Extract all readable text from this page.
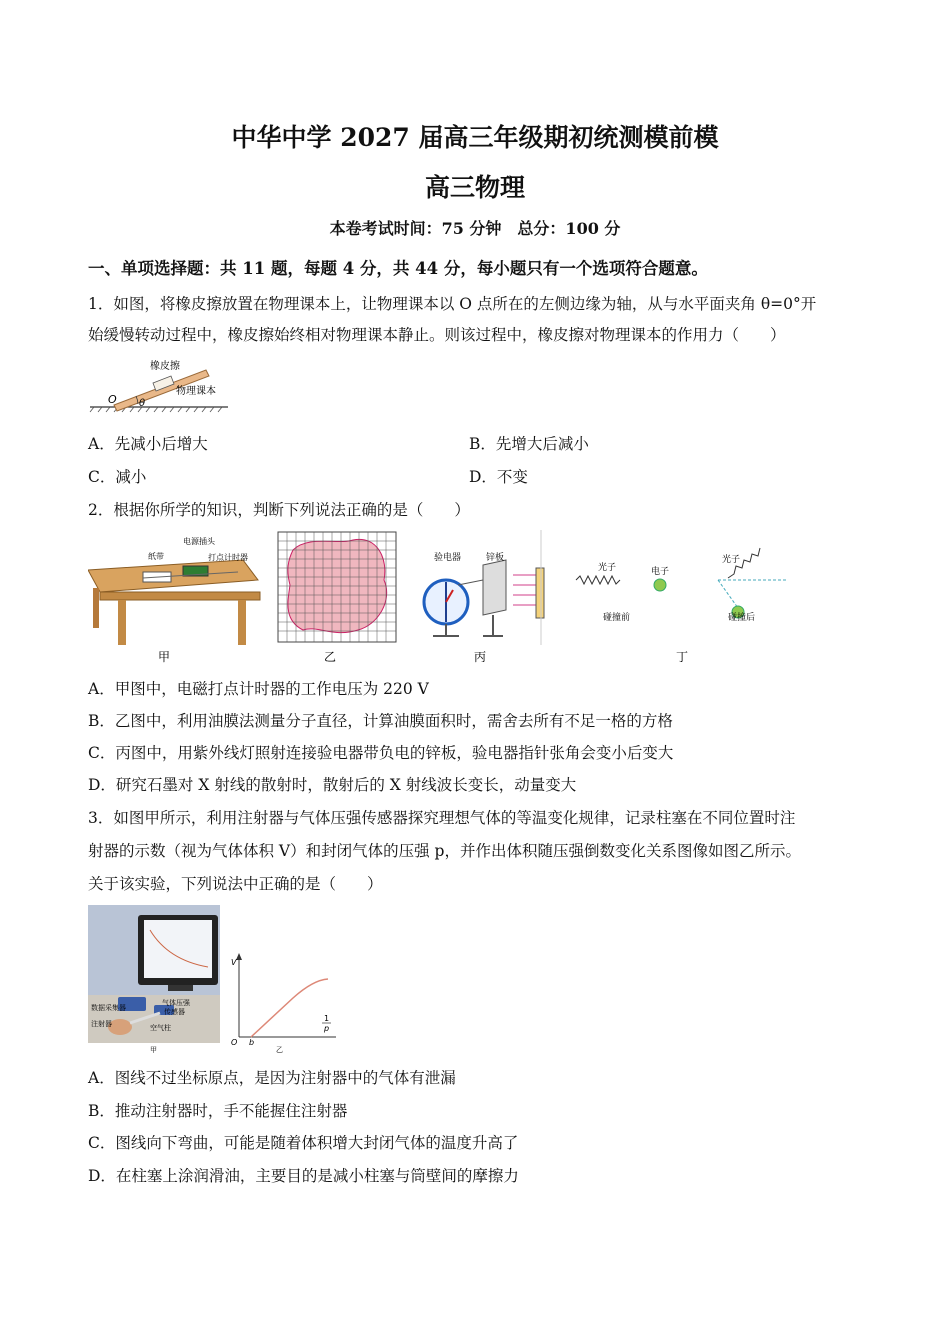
中华中学 2027 届高三年级期初统测模前模
高三物理
本卷考试时间：75 分钟　总分：100 分
一、单项选择题：共 11 题，每题 4 分，共 44 分，每小题只有一个选项符合题意。
1．如图，将橡皮擦放置在物理课本上，让物理课本以 O 点所在的左侧边缘为轴，从与水平面夹角 θ=0°开
始缓慢转动过程中，橡皮擦始终相对物理课本静止。则该过程中，橡皮擦对物理课本的作用力（　　）
橡皮擦
物理课本
O θ
A．先减小后增大	B．先增大后减小
C．减小	D．不变
2．根据你所学的知识，判断下列说法正确的是（　　）
纸带
电源插头
打点计时器
甲	乙
验电器	锌板
丙
光子	电子
碰撞前
光子
碰撞后
丁
A．甲图中，电磁打点计时器的工作电压为 220 V
B．乙图中，利用油膜法测量分子直径，计算油膜面积时，需舍去所有不足一格的方格
C．丙图中，用紫外线灯照射连接验电器带负电的锌板，验电器指针张角会变小后变大
D．研究石墨对 X 射线的散射时，散射后的 X 射线波长变长，动量变大
3．如图甲所示，利用注射器与气体压强传感器探究理想气体的等温变化规律，记录柱塞在不同位置时注
射器的示数（视为气体体积 V）和封闭气体的压强 p，并作出体积随压强倒数变化关系图像如图乙所示。
关于该实验，下列说法中正确的是（　　）
数据采集器
气体压强
传感器
注射器	空气柱
甲
V
O b
1
p
乙
A．图线不过坐标原点，是因为注射器中的气体有泄漏
B．推动注射器时，手不能握住注射器
C．图线向下弯曲，可能是随着体积增大封闭气体的温度升高了
D．在柱塞上涂润滑油，主要目的是减小柱塞与筒壁间的摩擦力
